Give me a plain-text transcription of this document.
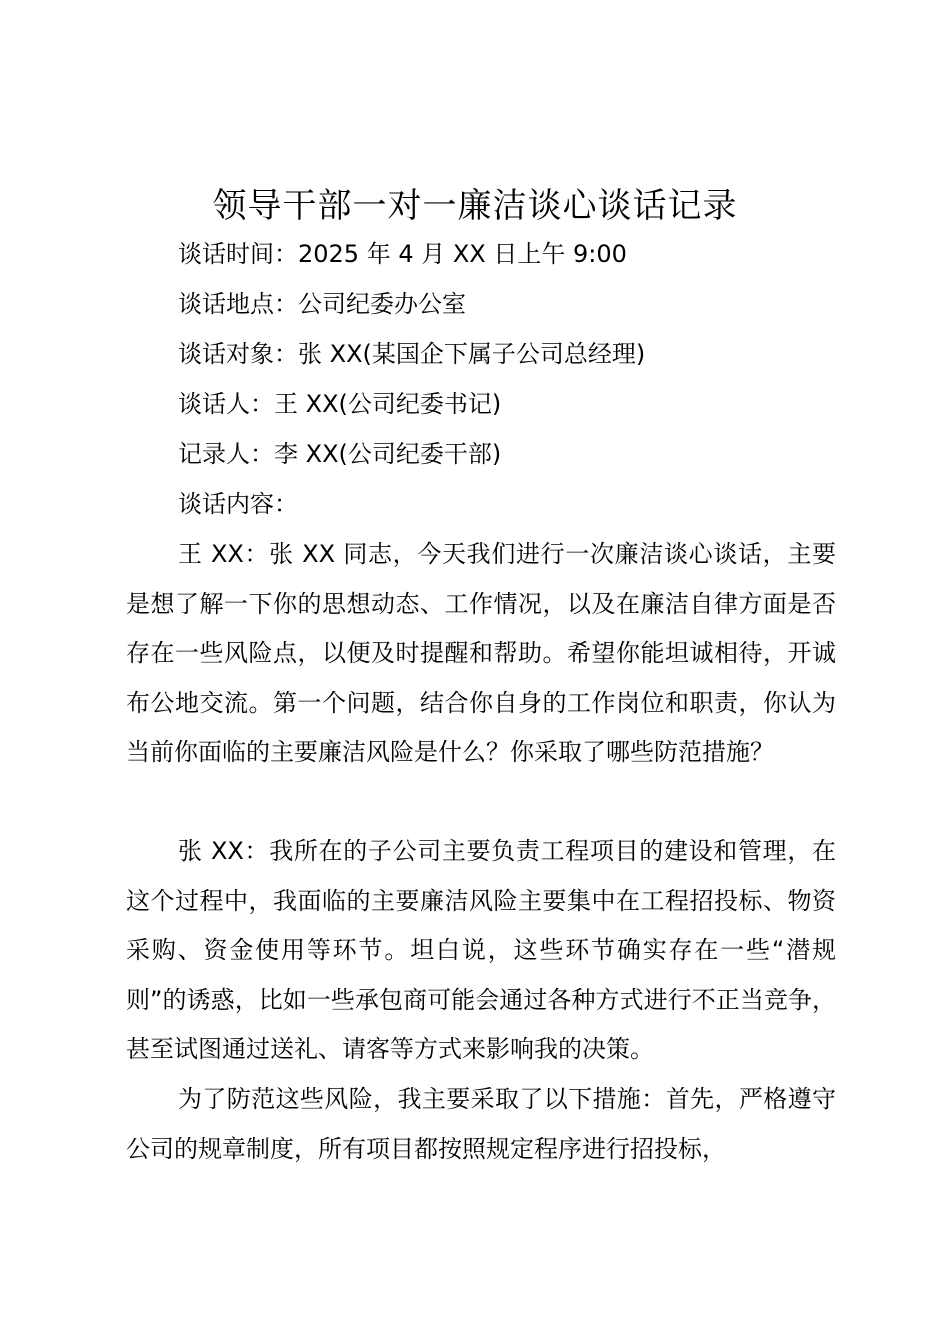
领导干部一对一廉洁谈心谈话记录
谈话时间：2025 年 4 月 XX 日上午 9:00
谈话地点：公司纪委办公室
谈话对象：张 XX(某国企下属子公司总经理)
谈话人：王 XX(公司纪委书记)
记录人：李 XX(公司纪委干部)
谈话内容：

王 XX：张 XX 同志，今天我们进行一次廉洁谈心谈话，主要是想了解一下你的思想动态、工作情况，以及在廉洁自律方面是否存在一些风险点，以便及时提醒和帮助。希望你能坦诚相待，开诚布公地交流。第一个问题，结合你自身的工作岗位和职责，你认为当前你面临的主要廉洁风险是什么？你采取了哪些防范措施？

张 XX：我所在的子公司主要负责工程项目的建设和管理，在这个过程中，我面临的主要廉洁风险主要集中在工程招投标、物资采购、资金使用等环节。坦白说，这些环节确实存在一些“潜规则”的诱惑，比如一些承包商可能会通过各种方式进行不正当竞争，甚至试图通过送礼、请客等方式来影响我的决策。

为了防范这些风险，我主要采取了以下措施：首先，严格遵守公司的规章制度，所有项目都按照规定程序进行招投标，
